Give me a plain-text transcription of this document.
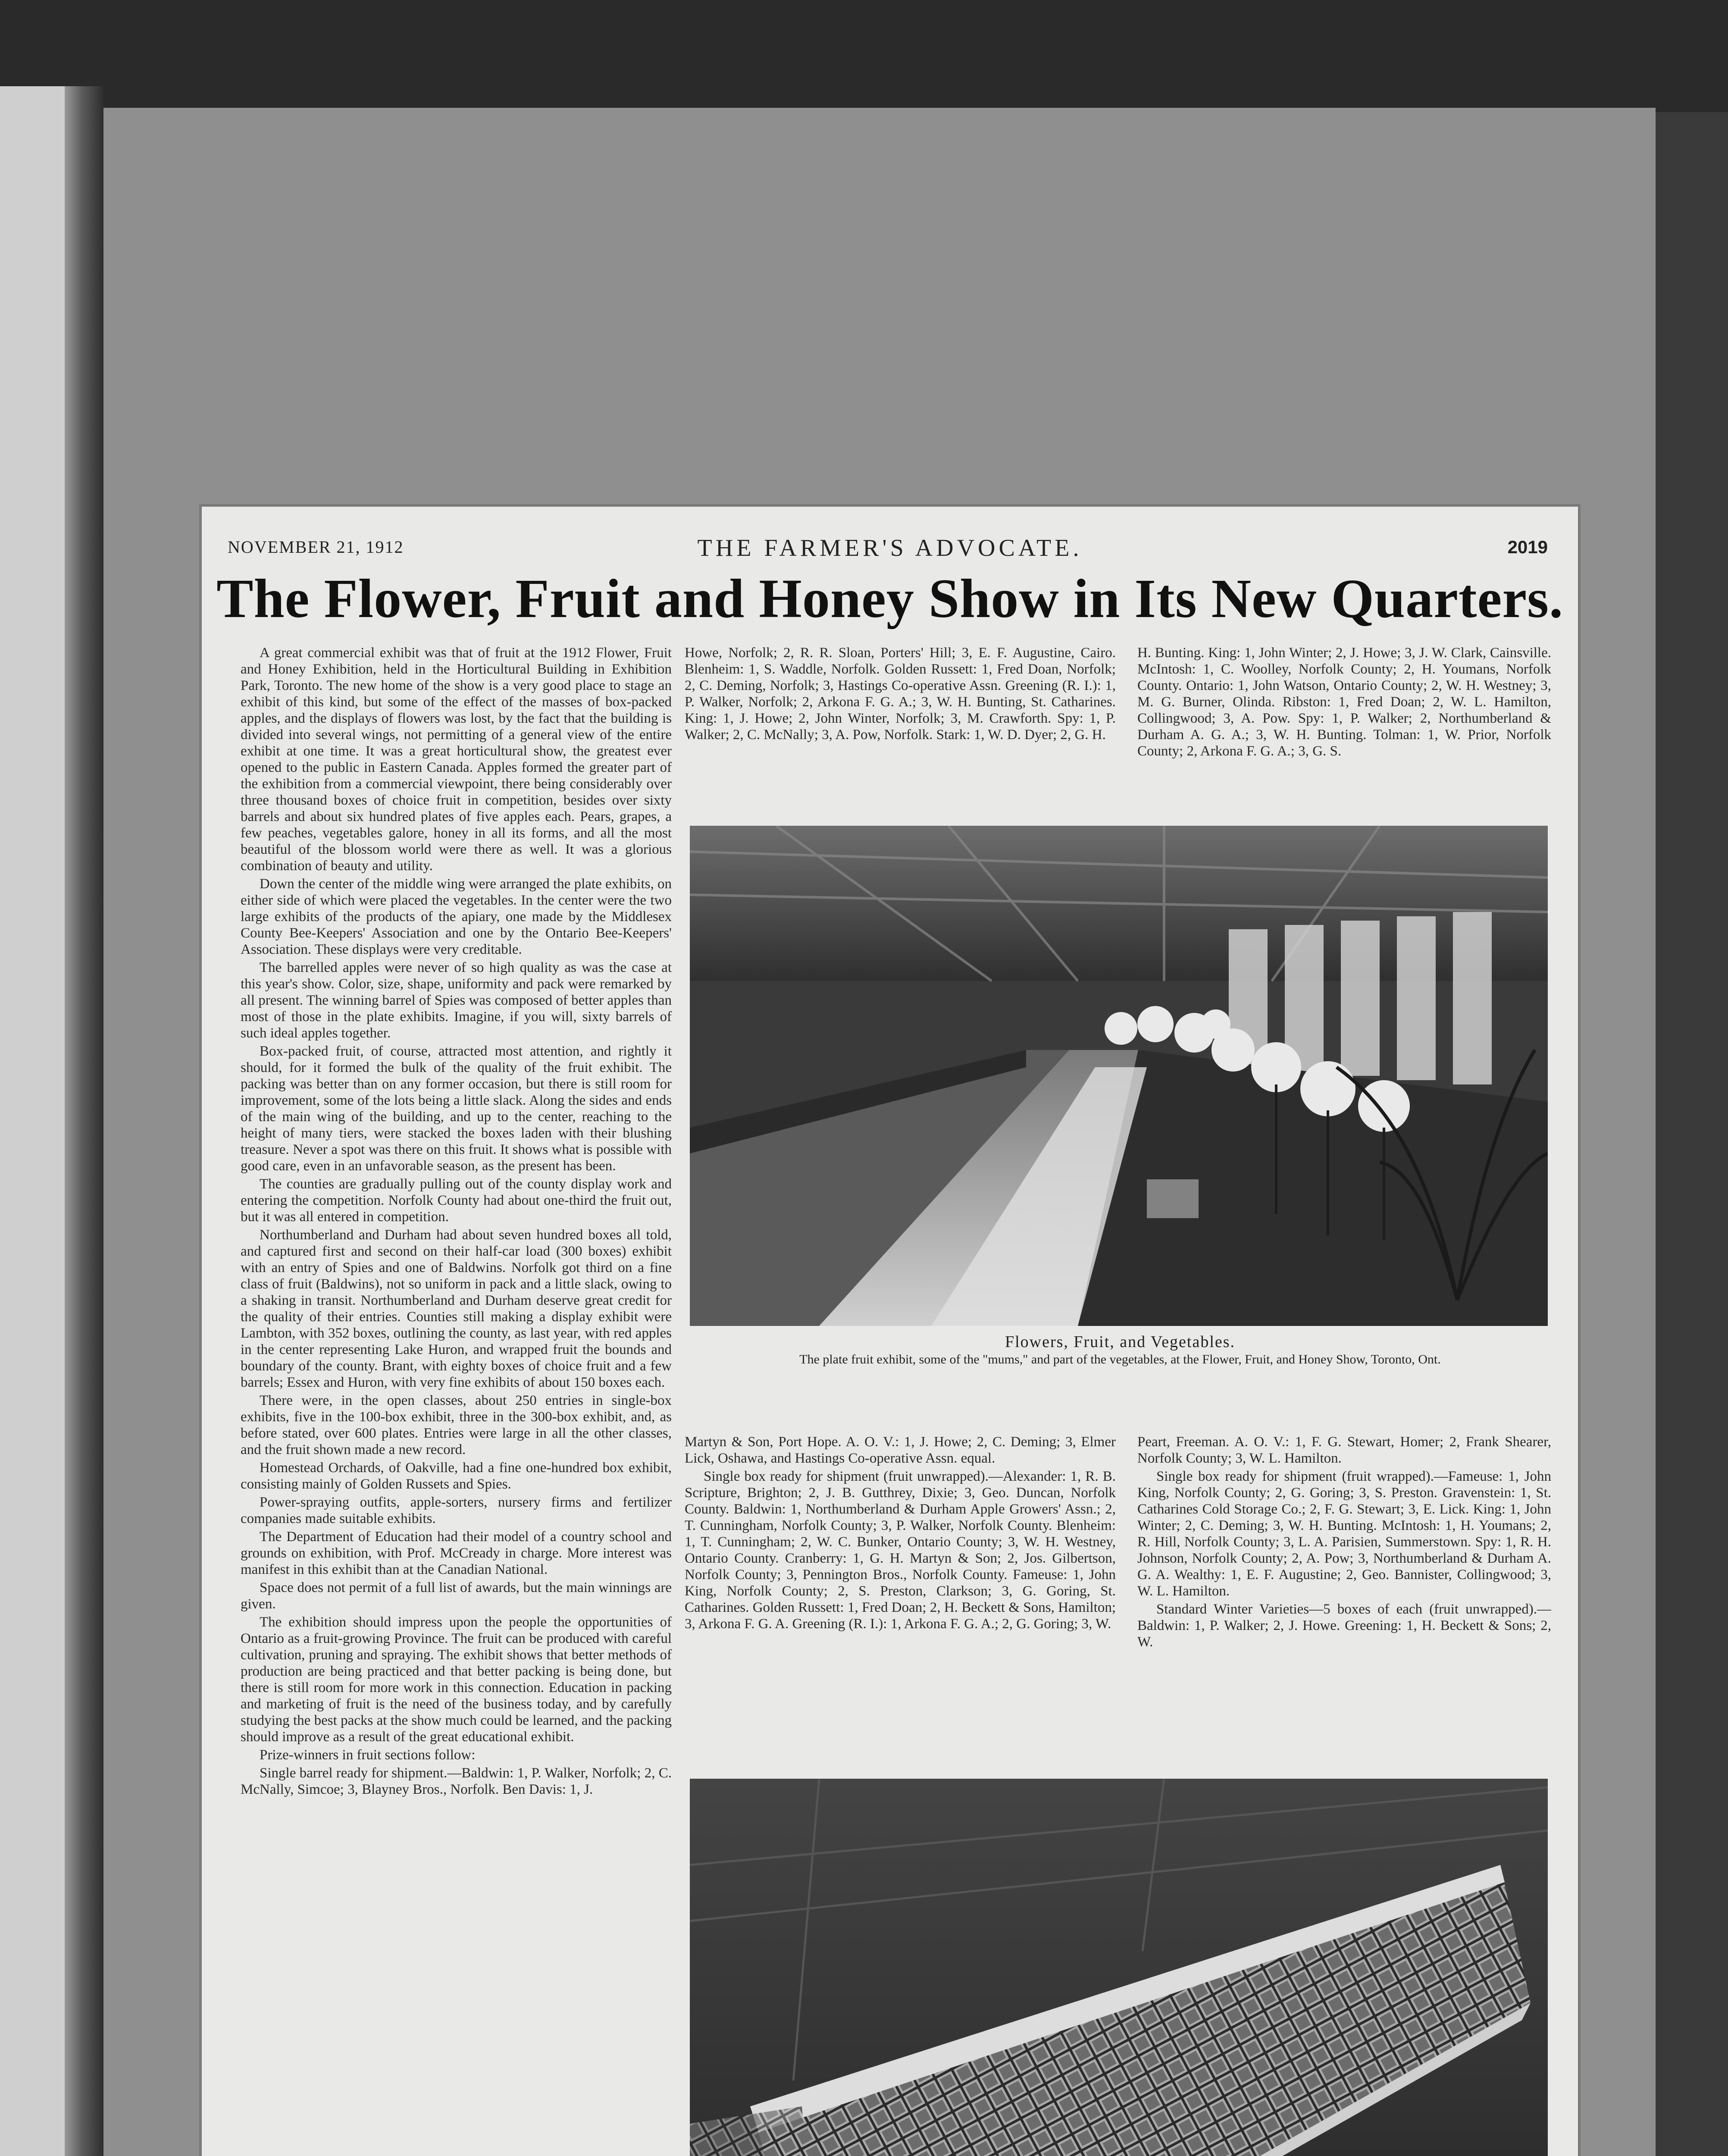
NOVEMBER 21, 1912	THE FARMER'S ADVOCATE.	2019
The Flower, Fruit and Honey Show in Its New Quarters.

A great commercial exhibit was that of fruit at the 1912 Flower, Fruit and Honey Exhibition, held in the Horticultural Building in Exhibition Park, Toronto. The new home of the show is a very good place to stage an exhibit of this kind, but some of the effect of the masses of box-packed apples, and the displays of flowers was lost, by the fact that the building is divided into several wings, not permitting of a general view of the entire exhibit at one time. It was a great horticultural show, the greatest ever opened to the public in Eastern Canada. Apples formed the greater part of the exhibition from a commercial viewpoint, there being considerably over three thousand boxes of choice fruit in competition, besides over sixty barrels and about six hundred plates of five apples each. Pears, grapes, a few peaches, vegetables galore, honey in all its forms, and all the most beautiful of the blossom world were there as well. It was a glorious combination of beauty and utility.

Down the center of the middle wing were arranged the plate exhibits, on either side of which were placed the vegetables. In the center were the two large exhibits of the products of the apiary, one made by the Middlesex County Bee-Keepers' Association and one by the Ontario Bee-Keepers' Association. These displays were very creditable.

The barrelled apples were never of so high quality as was the case at this year's show. Color, size, shape, uniformity and pack were remarked by all present. The winning barrel of Spies was composed of better apples than most of those in the plate exhibits. Imagine, if you will, sixty barrels of such ideal apples together.

Box-packed fruit, of course, attracted most attention, and rightly it should, for it formed the bulk of the quality of the fruit exhibit. The packing was better than on any former occasion, but there is still room for improvement, some of the lots being a little slack. Along the sides and ends of the main wing of the building, and up to the center, reaching to the height of many tiers, were stacked the boxes laden with their blushing treasure. Never a spot was there on this fruit. It shows what is possible with good care, even in an unfavorable season, as the present has been.

The counties are gradually pulling out of the county display work and entering the competition. Norfolk County had about one-third the fruit out, but it was all entered in competition.

Northumberland and Durham had about seven hundred boxes all told, and captured first and second on their half-car load (300 boxes) exhibit with an entry of Spies and one of Baldwins. Norfolk got third on a fine class of fruit (Baldwins), not so uniform in pack and a little slack, owing to a shaking in transit. Northumberland and Durham deserve great credit for the quality of their entries. Counties still making a display exhibit were Lambton, with 352 boxes, outlining the county, as last year, with red apples in the center representing Lake Huron, and wrapped fruit the bounds and boundary of the county. Brant, with eighty boxes of choice fruit and a few barrels; Essex and Huron, with very fine exhibits of about 150 boxes each.

There were, in the open classes, about 250 entries in single-box exhibits, five in the 100-box exhibit, three in the 300-box exhibit, and, as before stated, over 600 plates. Entries were large in all the other classes, and the fruit shown made a new record.

Homestead Orchards, of Oakville, had a fine one-hundred box exhibit, consisting mainly of Golden Russets and Spies.

Power-spraying outfits, apple-sorters, nursery firms and fertilizer companies made suitable exhibits.

The Department of Education had their model of a country school and grounds on exhibition, with Prof. McCready in charge. More interest was manifest in this exhibit than at the Canadian National.

Space does not permit of a full list of awards, but the main winnings are given.

The exhibition should impress upon the people the opportunities of Ontario as a fruit-growing Province. The fruit can be produced with careful cultivation, pruning and spraying. The exhibit shows that better methods of production are being practiced and that better packing is being done, but there is still room for more work in this connection. Education in packing and marketing of fruit is the need of the business today, and by carefully studying the best packs at the show much could be learned, and the packing should improve as a result of the great educational exhibit.

Prize-winners in fruit sections follow:

Single barrel ready for shipment.—Baldwin: 1, P. Walker, Norfolk; 2, C. McNally, Simcoe; 3, Blayney Bros., Norfolk. Ben Davis: 1, J.

Howe, Norfolk; 2, R. R. Sloan, Porters' Hill; 3, E. F. Augustine, Cairo. Blenheim: 1, S. Waddle, Norfolk. Golden Russett: 1, Fred Doan, Norfolk; 2, C. Deming, Norfolk; 3, Hastings Co-operative Assn. Greening (R. I.): 1, P. Walker, Norfolk; 2, Arkona F. G. A.; 3, W. H. Bunting, St. Catharines. King: 1, J. Howe; 2, John Winter, Norfolk; 3, M. Crawforth. Spy: 1, P. Walker; 2, C. McNally; 3, A. Pow, Norfolk. Stark: 1, W. D. Dyer; 2, G. H.

H. Bunting. King: 1, John Winter; 2, J. Howe; 3, J. W. Clark, Cainsville. McIntosh: 1, C. Woolley, Norfolk County; 2, H. Youmans, Norfolk County. Ontario: 1, John Watson, Ontario County; 2, W. H. Westney; 3, M. G. Burner, Olinda. Ribston: 1, Fred Doan; 2, W. L. Hamilton, Collingwood; 3, A. Pow. Spy: 1, P. Walker; 2, Northumberland & Durham A. G. A.; 3, W. H. Bunting. Tolman: 1, W. Prior, Norfolk County; 2, Arkona F. G. A.; 3, G. S.

Flowers, Fruit, and Vegetables.
The plate fruit exhibit, some of the "mums," and part of the vegetables, at the Flower, Fruit, and Honey Show, Toronto, Ont.

Martyn & Son, Port Hope. A. O. V.: 1, J. Howe; 2, C. Deming; 3, Elmer Lick, Oshawa, and Hastings Co-operative Assn. equal.

Single box ready for shipment (fruit unwrapped).—Alexander: 1, R. B. Scripture, Brighton; 2, J. B. Gutthrey, Dixie; 3, Geo. Duncan, Norfolk County. Baldwin: 1, Northumberland & Durham Apple Growers' Assn.; 2, T. Cunningham, Norfolk County; 3, P. Walker, Norfolk County. Blenheim: 1, T. Cunningham; 2, W. C. Bunker, Ontario County; 3, W. H. Westney, Ontario County. Cranberry: 1, G. H. Martyn & Son; 2, Jos. Gilbertson, Norfolk County; 3, Pennington Bros., Norfolk County. Fameuse: 1, John King, Norfolk County; 2, S. Preston, Clarkson; 3, G. Goring, St. Catharines. Golden Russett: 1, Fred Doan; 2, H. Beckett & Sons, Hamilton; 3, Arkona F. G. A. Greening (R. I.): 1, Arkona F. G. A.; 2, G. Goring; 3, W.

Peart, Freeman. A. O. V.: 1, F. G. Stewart, Homer; 2, Frank Shearer, Norfolk County; 3, W. L. Hamilton.

Single box ready for shipment (fruit wrapped).—Fameuse: 1, John King, Norfolk County; 2, G. Goring; 3, S. Preston. Gravenstein: 1, St. Catharines Cold Storage Co.; 2, F. G. Stewart; 3, E. Lick. King: 1, John Winter; 2, C. Deming; 3, W. H. Bunting. McIntosh: 1, H. Youmans; 2, R. Hill, Norfolk County; 3, L. A. Parisien, Summerstown. Spy: 1, R. H. Johnson, Norfolk County; 2, A. Pow; 3, Northumberland & Durham A. G. A. Wealthy: 1, E. F. Augustine; 2, Geo. Bannister, Collingwood; 3, W. L. Hamilton.

Standard Winter Varieties—5 boxes of each (fruit unwrapped).—Baldwin: 1, P. Walker; 2, J. Howe. Greening: 1, H. Beckett & Sons; 2, W.
